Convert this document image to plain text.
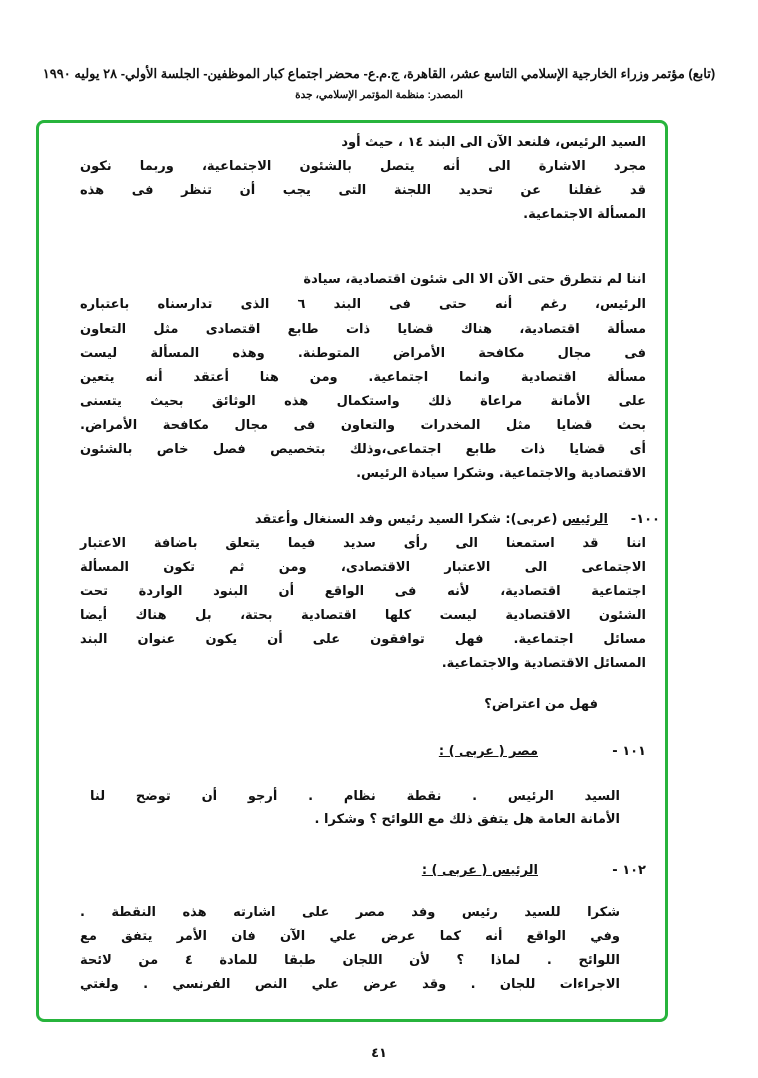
(تابع) مؤتمر وزراء الخارجية الإسلامي التاسع عشر، القاهرة، ج.م.ع- محضر اجتماع كبار الموظفين- الجلسة الأولي- ٢٨ يوليه ١٩٩٠
المصدر: منظمة المؤتمر الإسلامي، جدة
السيد الرئيس، فلنعد الآن الى البند ١٤ ، حيث أود
مجرد الاشارة الى أنه يتصل بالشئون الاجتماعية، وربما نكون
قد غفلنا عن تحديد اللجنة التى يجب أن تنظر فى هذه
المسألة الاجتماعية.
اننا لم نتطرق حتى الآن الا الى شئون اقتصادية، سيادة
الرئيس، رغم أنه حتى فى البند ٦ الذى تدارسناه باعتباره
مسألة اقتصادية، هناك قضايا ذات طابع اقتصادى مثل التعاون
فى مجال مكافحة الأمراض المتوطنة. وهذه المسألة ليست
مسألة اقتصادية وانما اجتماعية. ومن هنا أعتقد أنه يتعين
على الأمانة مراعاة ذلك واستكمال هذه الوثائق بحيث يتسنى
بحث قضايا مثل المخدرات والتعاون فى مجال مكافحة الأمراض.
أى قضايا ذات طابع اجتماعى،وذلك بتخصيص فصل خاص بالشئون
الاقتصادية والاجتماعية. وشكرا سيادة الرئيس.
١٠٠-
الرئيس (عربى): شكرا السيد رئيس وفد السنغال وأعتقد
اننا قد استمعنا الى رأى سديد فيما يتعلق باضافة الاعتبار
الاجتماعى الى الاعتبار الاقتصادى، ومن ثم تكون المسألة
اجتماعية اقتصادية، لأنه فى الواقع أن البنود الواردة تحت
الشئون الاقتصادية ليست كلها اقتصادية بحتة، بل هناك أيضا
مسائل اجتماعية. فهل توافقون على أن يكون عنوان البند
المسائل الاقتصادية والاجتماعية.
فهل من اعتراض؟
١٠١ -
مصر ( عربى ) :
السيد الرئيس . نقطة نظام . أرجو أن توضح لنا
الأمانة العامة هل يتفق ذلك مع اللوائح ؟ وشكرا .
١٠٢ -
الرئيس ( عربى ) :
شكرا للسيد رئيس وفد مصر على اشارته هذه النقطة .
وفي الواقع أنه كما عرض علي الآن فان الأمر يتفق مع
اللوائح . لماذا ؟ لأن اللجان طبقا للمادة ٤ من لائحة
الاجراءات للجان . وقد عرض علي النص الفرنسي . ولغتي
٤١
